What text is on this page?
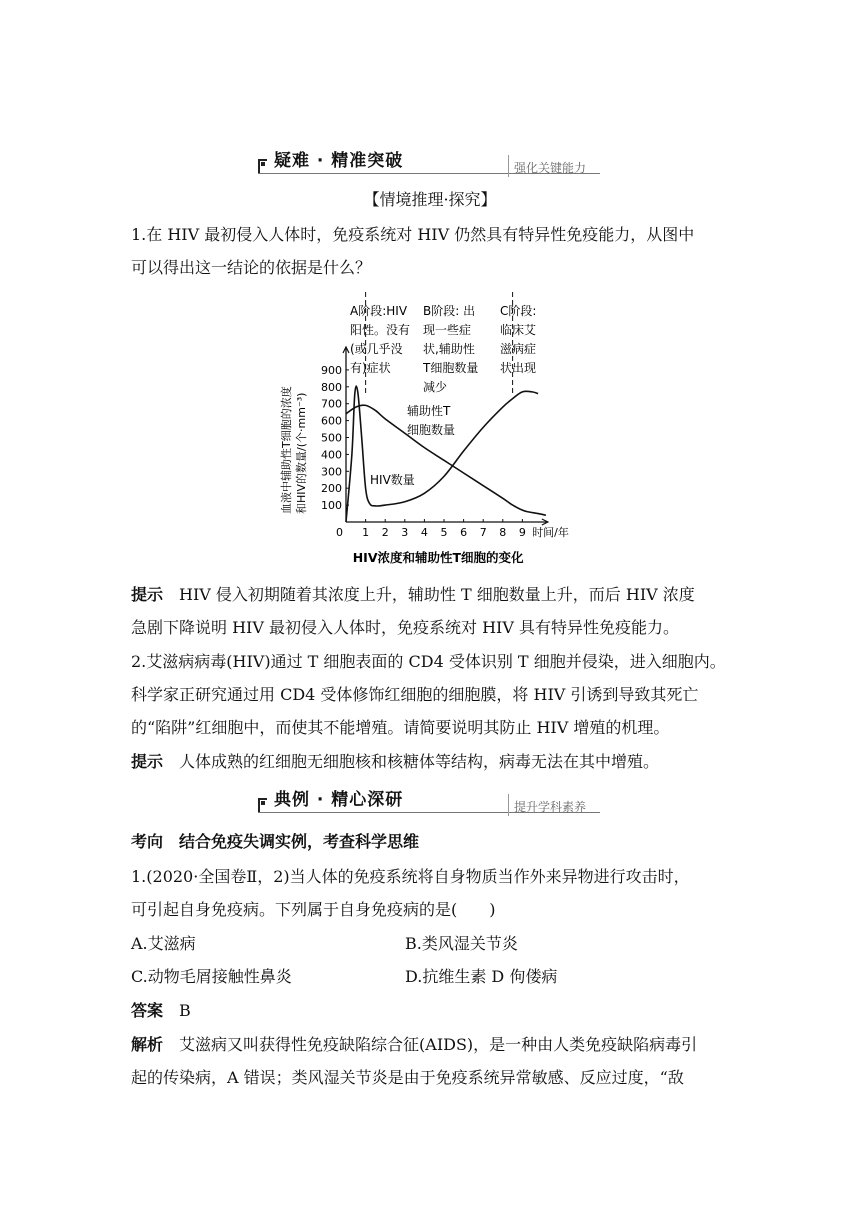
疑难 · 精准突破	强化关键能力
【情境推理·探究】
1.在 HIV 最初侵入人体时，免疫系统对 HIV 仍然具有特异性免疫能力，从图中
可以得出这一结论的依据是什么？
0
100
200
300
400
500
600
700
800
900
1 2 3 4 5 6 7 8 9 时间/年
血液中辅助性T细胞的浓度 和HIV的数量/(个·mm⁻³)
A阶段:HIV
阳性。没有
(或几乎没
有)症状
B阶段: 出
现一些症
状,辅助性
T细胞数量
减少
C阶段:
临床艾
滋病症
状出现
辅助性T
细胞数量
HIV数量
HIV浓度和辅助性T细胞的变化
提示 HIV 侵入初期随着其浓度上升，辅助性 T 细胞数量上升，而后 HIV 浓度
急剧下降说明 HIV 最初侵入人体时，免疫系统对 HIV 具有特异性免疫能力。
2.艾滋病病毒(HIV)通过 T 细胞表面的 CD4 受体识别 T 细胞并侵染，进入细胞内。
科学家正研究通过用 CD4 受体修饰红细胞的细胞膜，将 HIV 引诱到导致其死亡
的“陷阱”红细胞中，而使其不能增殖。请简要说明其防止 HIV 增殖的机理。
提示 人体成熟的红细胞无细胞核和核糖体等结构，病毒无法在其中增殖。
典例 · 精心深研	提升学科素养
考向 结合免疫失调实例，考查科学思维
1.(2020·全国卷Ⅱ，2)当人体的免疫系统将自身物质当作外来异物进行攻击时，
可引起自身免疫病。下列属于自身免疫病的是(　　)
A.艾滋病	B.类风湿关节炎
C.动物毛屑接触性鼻炎	D.抗维生素 D 佝偻病
答案 B
解析 艾滋病又叫获得性免疫缺陷综合征(AIDS)，是一种由人类免疫缺陷病毒引
起的传染病，A 错误；类风湿关节炎是由于免疫系统异常敏感、反应过度，“敌
